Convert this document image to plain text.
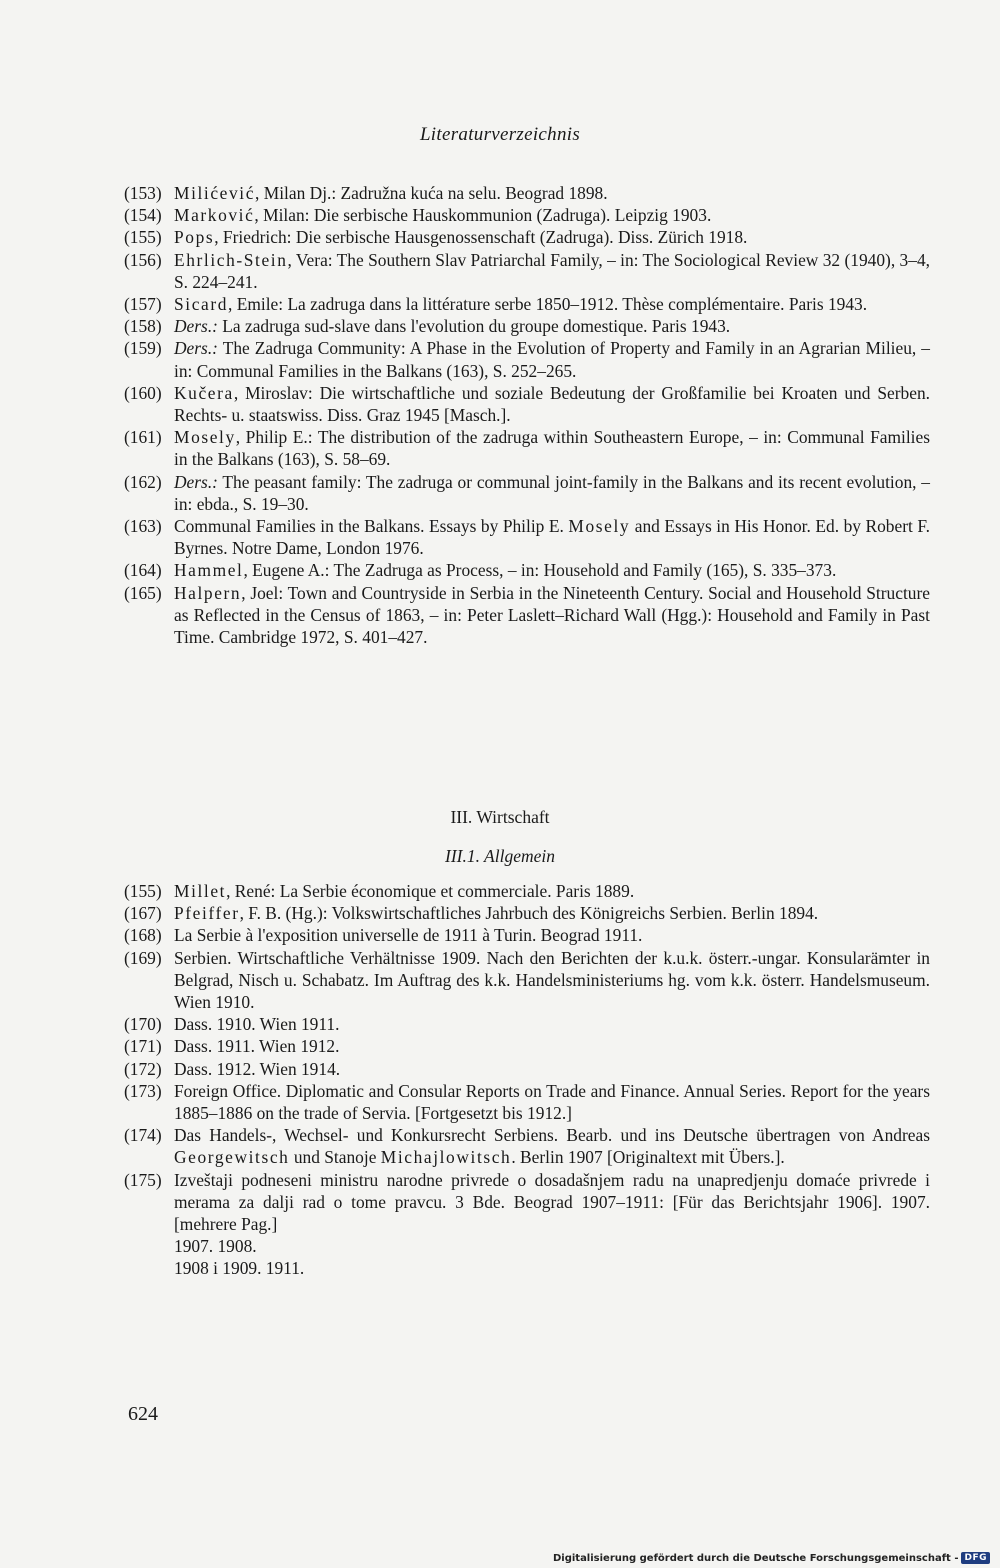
Literaturverzeichnis
(153) Milićević, Milan Dj.: Zadružna kuća na selu. Beograd 1898.
(154) Marković, Milan: Die serbische Hauskommunion (Zadruga). Leipzig 1903.
(155) Pops, Friedrich: Die serbische Hausgenossenschaft (Zadruga). Diss. Zürich 1918.
(156) Ehrlich-Stein, Vera: The Southern Slav Patriarchal Family, – in: The Sociological Review 32 (1940), 3–4, S. 224–241.
(157) Sicard, Emile: La zadruga dans la littérature serbe 1850–1912. Thèse complémentaire. Paris 1943.
(158) Ders.: La zadruga sud-slave dans l'evolution du groupe domestique. Paris 1943.
(159) Ders.: The Zadruga Community: A Phase in the Evolution of Property and Family in an Agrarian Milieu, – in: Communal Families in the Balkans (163), S. 252–265.
(160) Kučera, Miroslav: Die wirtschaftliche und soziale Bedeutung der Großfamilie bei Kroaten und Serben. Rechts- u. staatswiss. Diss. Graz 1945 [Masch.].
(161) Mosely, Philip E.: The distribution of the zadruga within Southeastern Europe, – in: Communal Families in the Balkans (163), S. 58–69.
(162) Ders.: The peasant family: The zadruga or communal joint-family in the Balkans and its recent evolution, – in: ebda., S. 19–30.
(163) Communal Families in the Balkans. Essays by Philip E. Mosely and Essays in His Honor. Ed. by Robert F. Byrnes. Notre Dame, London 1976.
(164) Hammel, Eugene A.: The Zadruga as Process, – in: Household and Family (165), S. 335–373.
(165) Halpern, Joel: Town and Countryside in Serbia in the Nineteenth Century. Social and Household Structure as Reflected in the Census of 1863, – in: Peter Laslett–Richard Wall (Hgg.): Household and Family in Past Time. Cambridge 1972, S. 401–427.
III. Wirtschaft
III.1. Allgemein
(155) Millet, René: La Serbie économique et commerciale. Paris 1889.
(167) Pfeiffer, F. B. (Hg.): Volkswirtschaftliches Jahrbuch des Königreichs Serbien. Berlin 1894.
(168) La Serbie à l'exposition universelle de 1911 à Turin. Beograd 1911.
(169) Serbien. Wirtschaftliche Verhältnisse 1909. Nach den Berichten der k.u.k. österr.-ungar. Konsularämter in Belgrad, Nisch u. Schabatz. Im Auftrag des k.k. Handelsministeriums hg. vom k.k. österr. Handelsmuseum. Wien 1910.
(170) Dass. 1910. Wien 1911.
(171) Dass. 1911. Wien 1912.
(172) Dass. 1912. Wien 1914.
(173) Foreign Office. Diplomatic and Consular Reports on Trade and Finance. Annual Series. Report for the years 1885–1886 on the trade of Servia. [Fortgesetzt bis 1912.]
(174) Das Handels-, Wechsel- und Konkursrecht Serbiens. Bearb. und ins Deutsche übertragen von Andreas Georgewitsch und Stanoje Michajlowitsch. Berlin 1907 [Originaltext mit Übers.].
(175) Izveštaji podneseni ministru narodne privrede o dosadašnjem radu na unapredjenju domaće privrede i merama za dalji rad o tome pravcu. 3 Bde. Beograd 1907–1911: [Für das Berichtsjahr 1906]. 1907. [mehrere Pag.]
1907. 1908.
1908 i 1909. 1911.
624
Digitalisierung gefördert durch die Deutsche Forschungsgemeinschaft - DFG
